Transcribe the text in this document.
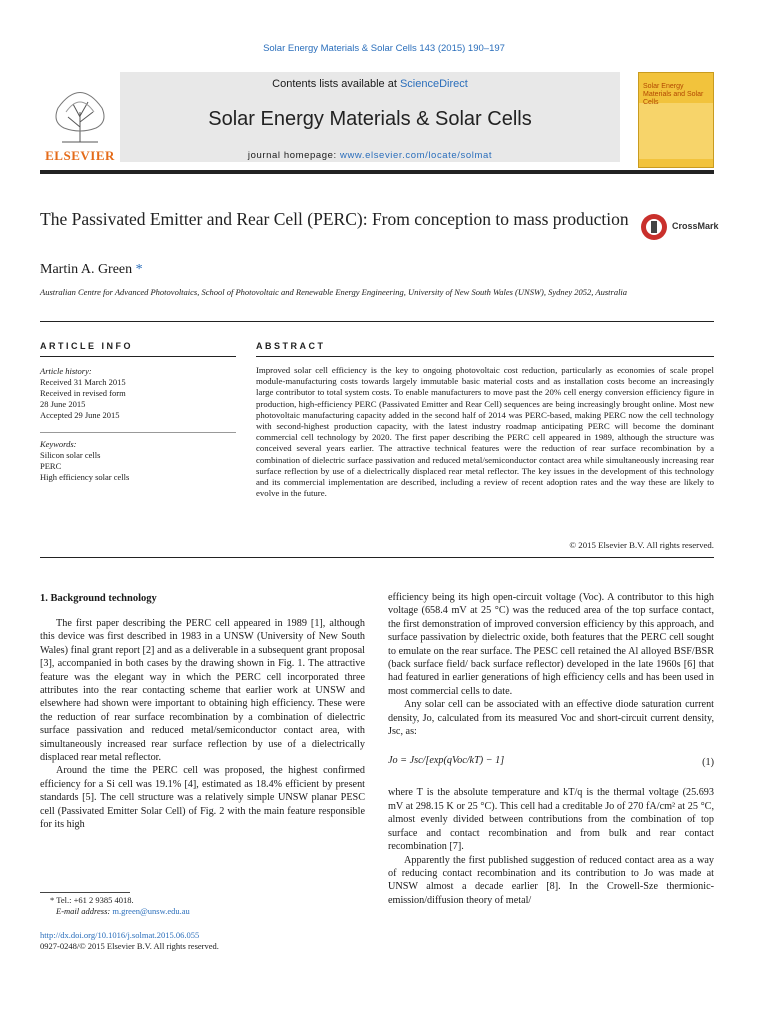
Solar Energy Materials & Solar Cells 143 (2015) 190–197
ELSEVIER
Contents lists available at ScienceDirect
Solar Energy Materials & Solar Cells
journal homepage: www.elsevier.com/locate/solmat
Solar Energy Materials and Solar Cells
The Passivated Emitter and Rear Cell (PERC): From conception to mass production	CrossMark
Martin A. Green *
Australian Centre for Advanced Photovoltaics, School of Photovoltaic and Renewable Energy Engineering, University of New South Wales (UNSW), Sydney 2052, Australia
ARTICLE INFO
Article history:
Received 31 March 2015
Received in revised form
28 June 2015
Accepted 29 June 2015
Keywords:
Silicon solar cells
PERC
High efficiency solar cells
ABSTRACT
Improved solar cell efficiency is the key to ongoing photovoltaic cost reduction, particularly as economies of scale propel module-manufacturing costs towards largely immutable basic material costs and as installation costs become an increasingly large contributor to total system costs. To enable manufacturers to move past the 20% cell energy conversion efficiency figure in production, high-efficiency PERC (Passivated Emitter and Rear Cell) sequences are being increasingly brought online. Most new photovoltaic manufacturing capacity added in the second half of 2014 was PERC-based, making PERC now the cell technology with second-highest production capacity, with the latest industry roadmap anticipating PERC will become the dominant commercial cell technology by 2020. The first paper describing the PERC cell appeared in 1989, although the structure was conceived several years earlier. The attractive technical features were the reduction of rear surface recombination by a combination of dielectric surface passivation and reduced metal/semiconductor contact area while simultaneously increasing rear surface reflection by use of a dielectrically displaced rear metal reflector. The key issues in the development of this technology and its commercial implementation are described, including a review of recent adoption rates and the way these are likely to evolve in the future.
© 2015 Elsevier B.V. All rights reserved.
1. Background technology

The first paper describing the PERC cell appeared in 1989 [1], although this device was first described in 1983 in a UNSW (University of New South Wales) final grant report [2] and as a deliverable in a subsequent grant proposal [3], accompanied in both cases by the drawing shown in Fig. 1. The attractive feature was the elegant way in which the PERC cell incorporated three attributes into the rear contacting scheme that earlier work at UNSW and elsewhere had shown were important to obtaining high efficiency. These were the reduction of rear surface recombination by a combination of dielectric surface passivation and reduced metal/semiconductor contact area, with simultaneously increased rear surface reflection by use of a dielectrically displaced rear metal reflector.

Around the time the PERC cell was proposed, the highest confirmed efficiency for a Si cell was 19.1% [4], estimated as 18.4% efficient by present standards [5]. The cell structure was a relatively simple UNSW planar PESC cell (Passivated Emitter Solar Cell) of Fig. 2 with the main feature responsible for its high

efficiency being its high open-circuit voltage (Voc). A contributor to this high voltage (658.4 mV at 25 °C) was the reduced area of the top surface contact, the first demonstration of improved conversion efficiency by this approach, and surface passivation by dielectric oxide, both features that the PERC cell sought to emulate on the rear surface. The PESC cell retained the Al alloyed BSF/BSR (back surface field/ back surface reflector) developed in the late 1960s [6] that had featured in earlier generations of high efficiency cells and has been used in most commercial cells to date.

Any solar cell can be associated with an effective diode saturation current density, Jo, calculated from its measured Voc and short-circuit current density, Jsc, as:

Jo = Jsc/[exp(qVoc/kT) − 1]	(1)

where T is the absolute temperature and kT/q is the thermal voltage (25.693 mV at 298.15 K or 25 °C). This cell had a creditable Jo of 270 fA/cm² at 25 °C, almost evenly divided between contributions from the combination of top surface and contact recombination and from bulk and rear contact recombination [7].

Apparently the first published suggestion of reduced contact area as a way of reducing contact recombination and its contribution to Jo was made at UNSW almost a decade earlier [8]. In the Crowell-Sze thermionic-emission/diffusion theory of metal/

* Tel.: +61 2 9385 4018.
E-mail address: m.green@unsw.edu.au
http://dx.doi.org/10.1016/j.solmat.2015.06.055
0927-0248/© 2015 Elsevier B.V. All rights reserved.
